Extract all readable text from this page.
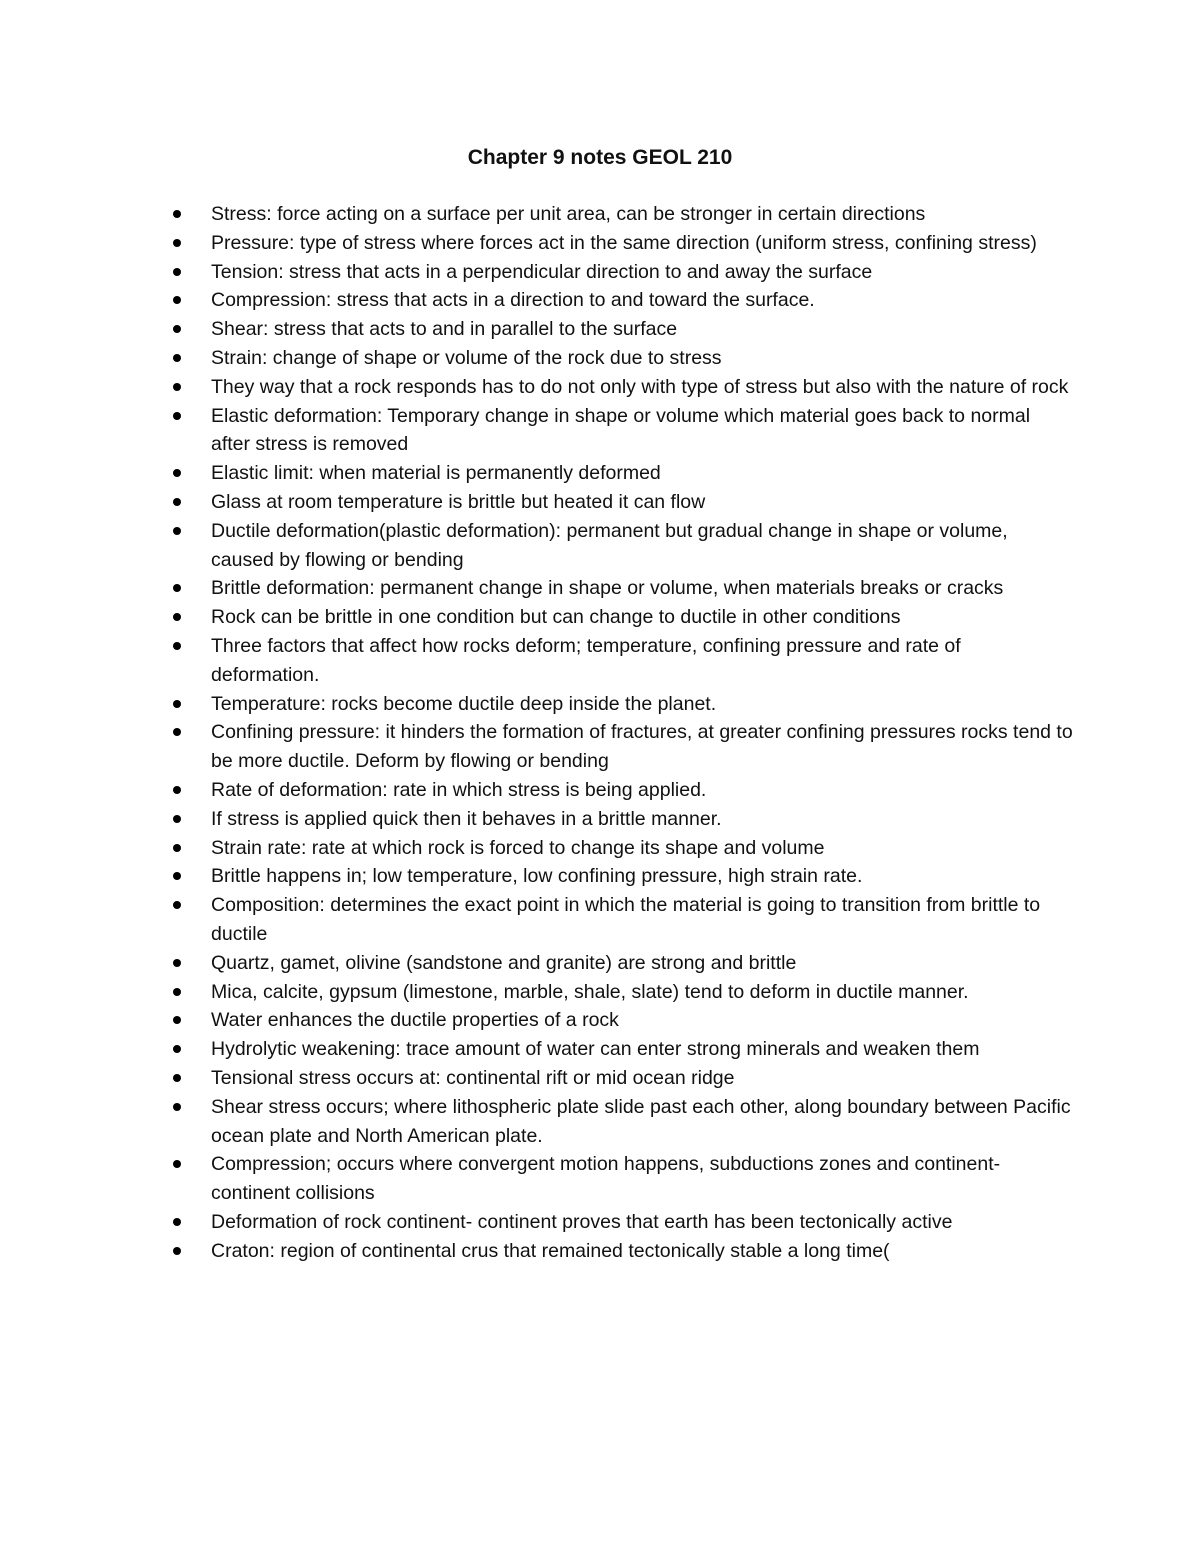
Chapter 9 notes GEOL 210
Stress: force acting on a surface per unit area, can be stronger in certain directions
Pressure: type of stress where forces act in the same direction (uniform stress, confining stress)
Tension: stress that acts in a perpendicular direction to and away the surface
Compression: stress that acts in a direction to and toward the surface.
Shear: stress that acts to and in parallel to the surface
Strain: change of shape or volume of the rock due to stress
They way that a rock responds has to do not only with type of stress but also with the nature of rock
Elastic deformation: Temporary change in shape or volume which material goes back to normal after stress is removed
Elastic limit: when material is permanently deformed
Glass at room temperature is brittle but heated it can flow
Ductile deformation(plastic deformation): permanent but gradual change in shape or volume, caused by flowing or bending
Brittle deformation: permanent change in shape or volume, when materials breaks or cracks
Rock can be brittle in one condition but can change to ductile in other conditions
Three factors that affect how rocks deform; temperature, confining pressure and rate of deformation.
Temperature: rocks become ductile deep inside the planet.
Confining pressure: it hinders the formation of fractures, at greater confining pressures rocks tend to be more ductile. Deform by flowing or bending
Rate of deformation: rate in which stress is being applied.
If stress is applied quick then it behaves in a brittle manner.
Strain rate: rate at which rock is forced to change its shape and volume
Brittle happens in; low temperature, low confining pressure, high strain rate.
Composition: determines the exact point in which the material is going to transition from brittle to ductile
Quartz, gamet, olivine (sandstone and granite) are strong and brittle
Mica, calcite, gypsum (limestone, marble, shale, slate) tend to deform in ductile manner.
Water enhances the ductile properties of a rock
Hydrolytic weakening: trace amount of water can enter strong minerals and weaken them
Tensional stress occurs at: continental rift or mid ocean ridge
Shear stress occurs; where lithospheric plate slide past each other, along boundary between Pacific ocean plate and North American plate.
Compression; occurs where convergent motion happens, subductions zones and continent- continent collisions
Deformation of rock continent- continent proves that earth has been tectonically active
Craton: region of continental crus that remained tectonically stable a long time(
